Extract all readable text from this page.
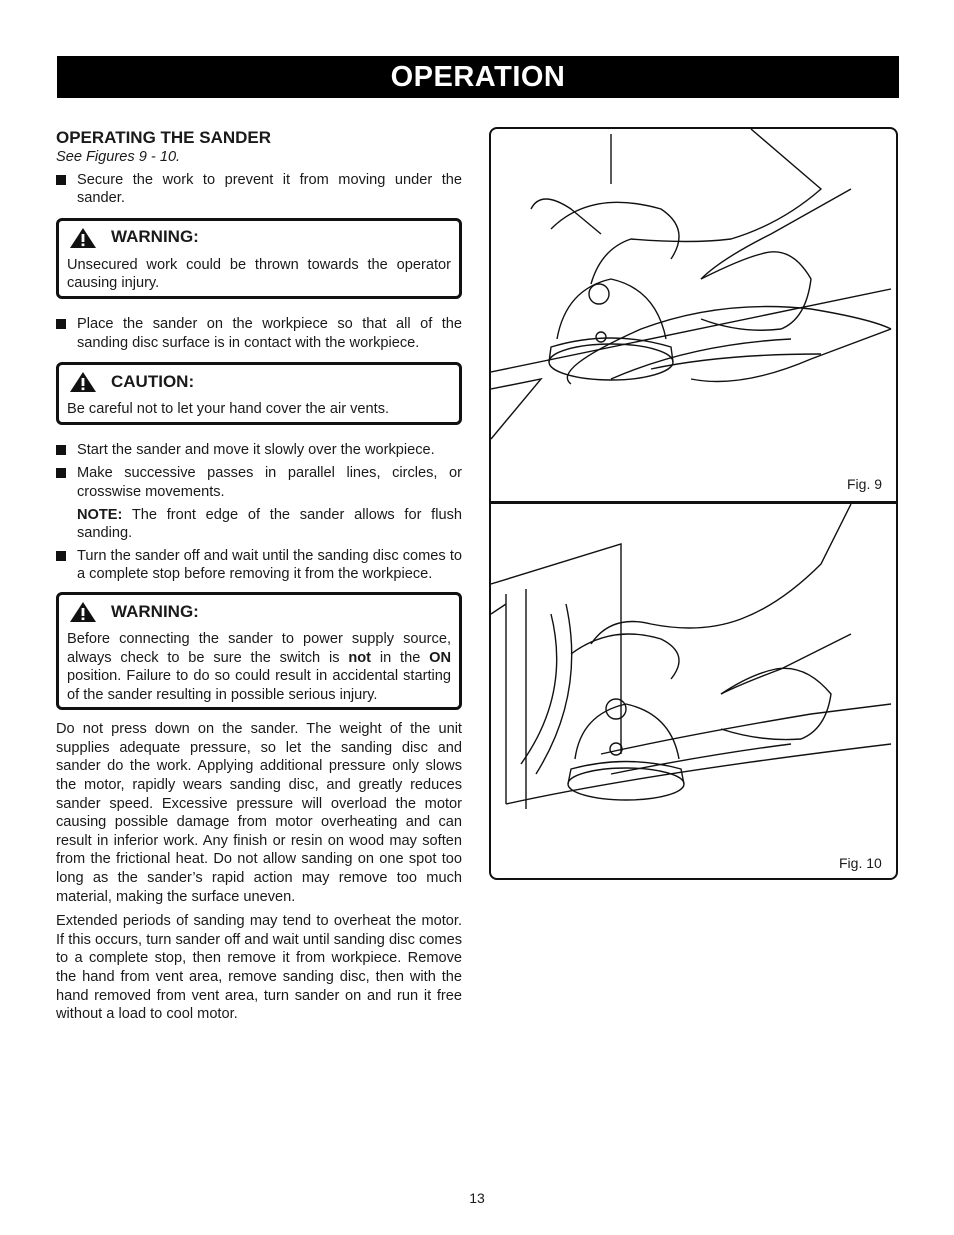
OPERATION

OPERATING THE SANDER

See Figures 9 - 10.

Secure the work to prevent it from moving under the sander.
WARNING:
Unsecured work could be thrown towards the operator causing injury.
Place the sander on the workpiece so that all of the sanding disc surface is in contact with the workpiece.
CAUTION:
Be careful not to let your hand cover the air vents.
Start the sander and move it slowly over the workpiece.
Make successive passes in parallel lines, circles, or crosswise movements.
NOTE: The front edge of the sander allows for flush sanding.
Turn the sander off and wait until the sanding disc comes to a complete stop before removing it from the workpiece.
WARNING:
Before connecting the sander to power supply source, always check to be sure the switch is not in the ON position. Failure to do so could result in accidental starting of the sander resulting in possible serious injury.

Do not press down on the sander. The weight of the unit supplies adequate pressure, so let the sanding disc and sander do the work. Applying additional pressure only slows the motor, rapidly wears sanding disc, and greatly reduces sander speed. Excessive pressure will overload the motor causing possible damage from motor overheating and can result in inferior work. Any finish or resin on wood may soften from the frictional heat. Do not allow sanding on one spot too long as the sander’s rapid action may remove too much material, making the surface uneven.

Extended periods of sanding may tend to overheat the motor. If this occurs, turn sander off and wait until sanding disc comes to a complete stop, then remove it from workpiece. Remove the hand from vent area, remove sanding disc, then with the hand removed from vent area, turn sander on and run it free without a load to cool motor.

Fig. 9
Fig. 10
13
